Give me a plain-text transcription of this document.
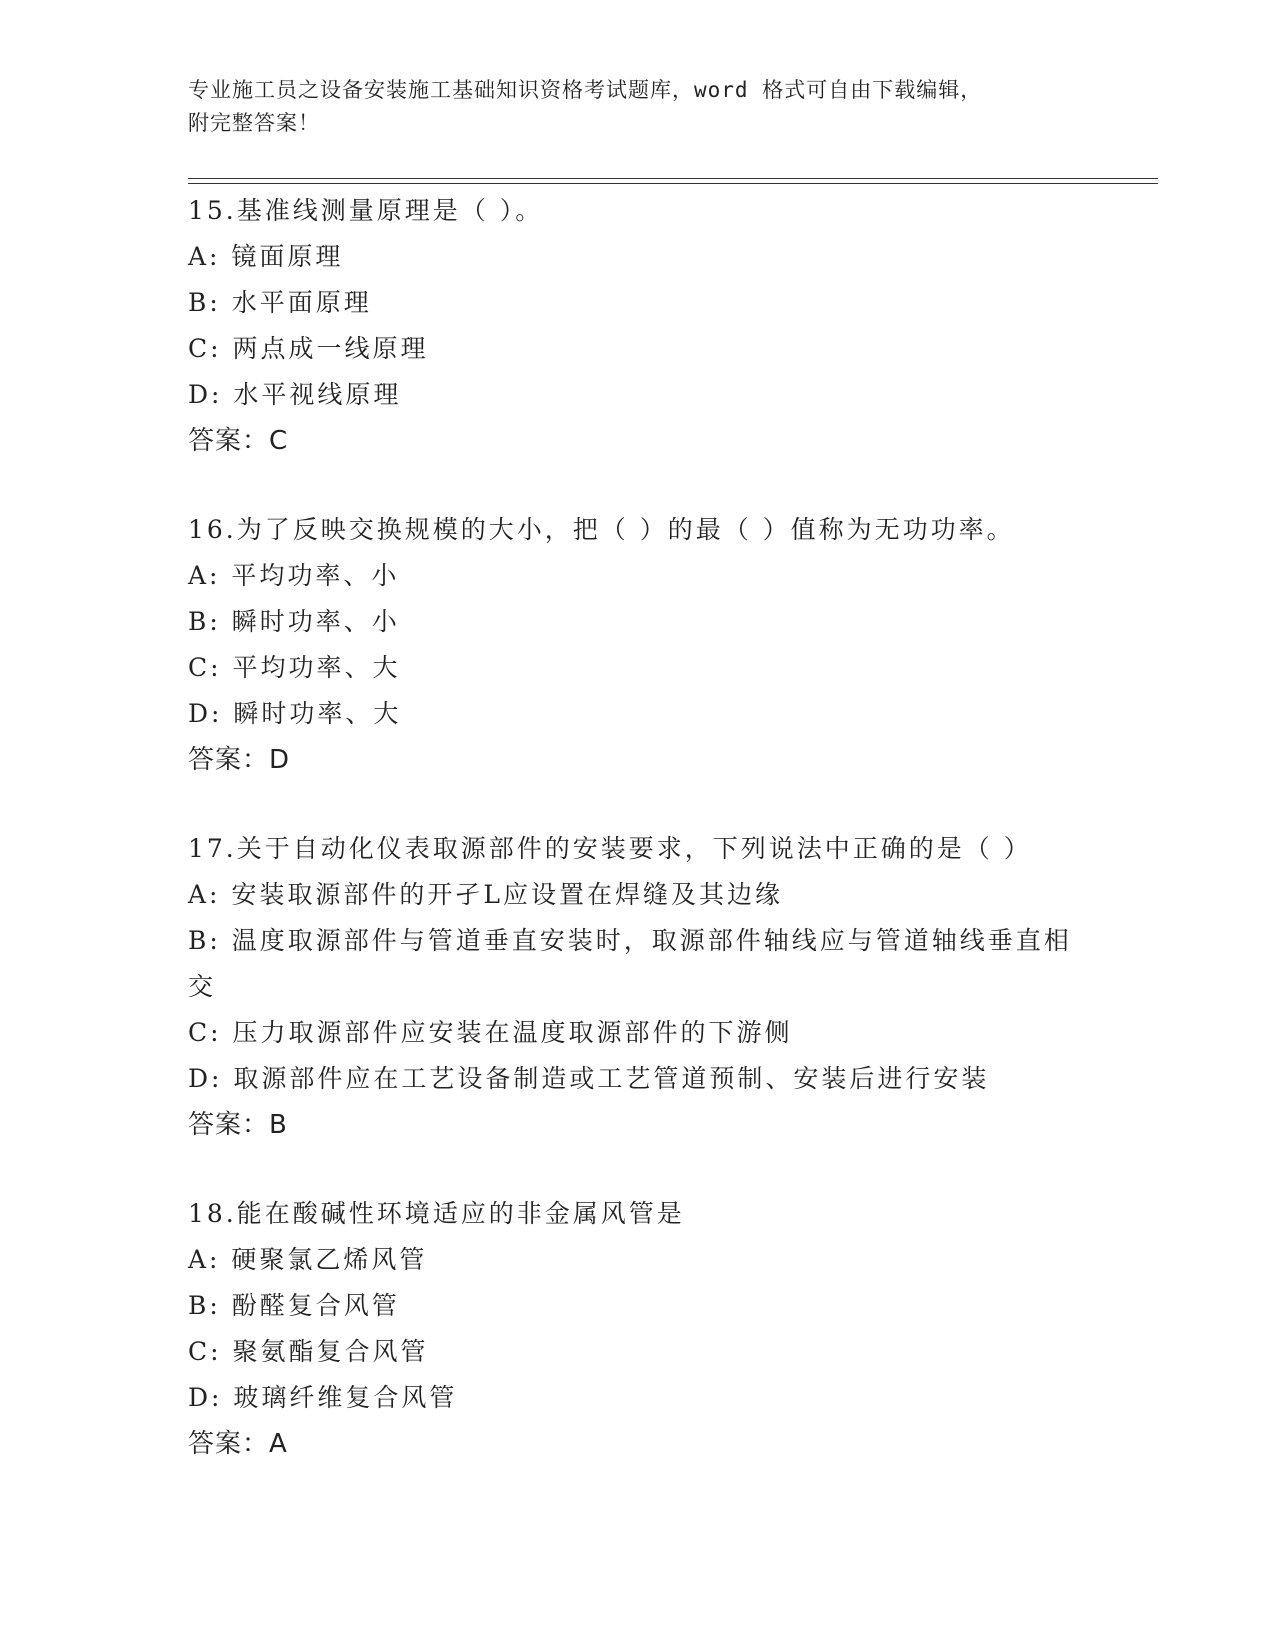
专业施工员之设备安装施工基础知识资格考试题库，word 格式可自由下载编辑，
附完整答案！
15.基准线测量原理是（ ）。
A: 镜面原理
B: 水平面原理
C: 两点成一线原理
D: 水平视线原理
答案：C
16.为了反映交换规模的大小，把（ ）的最（ ）值称为无功功率。
A: 平均功率、小
B: 瞬时功率、小
C: 平均功率、大
D: 瞬时功率、大
答案：D
17.关于自动化仪表取源部件的安装要求，下列说法中正确的是（ ）
A: 安装取源部件的开孑L应设置在焊缝及其边缘
B: 温度取源部件与管道垂直安装时，取源部件轴线应与管道轴线垂直相交
C: 压力取源部件应安装在温度取源部件的下游侧
D: 取源部件应在工艺设备制造或工艺管道预制、安装后进行安装
答案：B
18.能在酸碱性环境适应的非金属风管是
A: 硬聚氯乙烯风管
B: 酚醛复合风管
C: 聚氨酯复合风管
D: 玻璃纤维复合风管
答案：A
